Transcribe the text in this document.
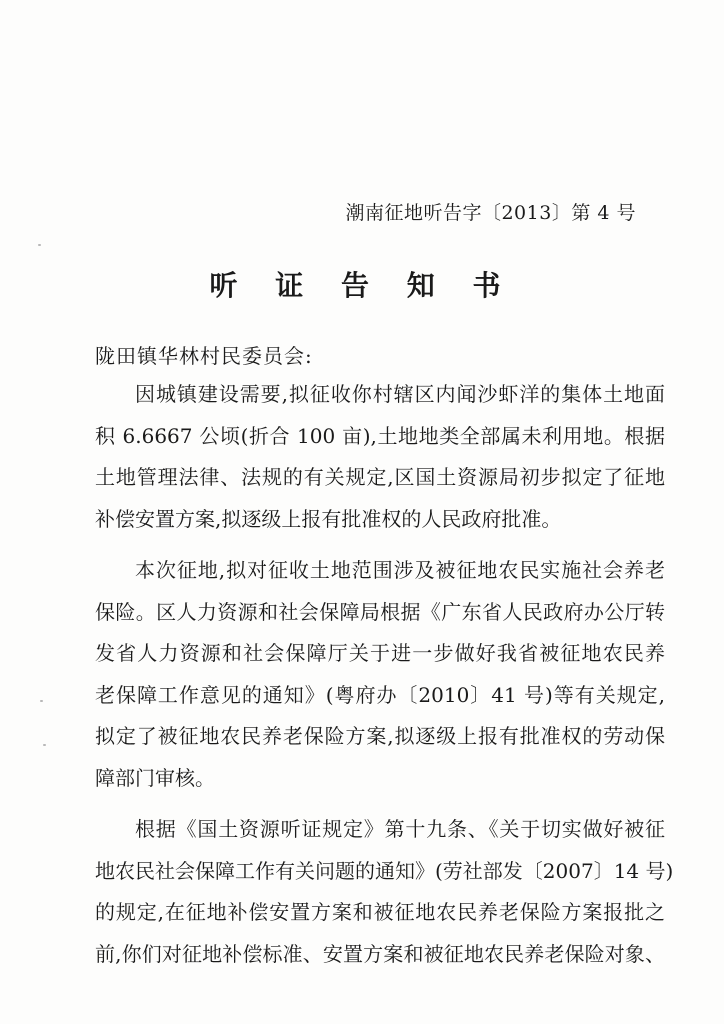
潮南征地听告字〔2013〕第 4 号
听 证 告 知 书
陇田镇华林村民委员会:
因城镇建设需要,拟征收你村辖区内闻沙虾洋的集体土地面
积 6.6667 公顷(折合 100 亩),土地地类全部属未利用地。根据
土地管理法律、法规的有关规定,区国土资源局初步拟定了征地
补偿安置方案,拟逐级上报有批准权的人民政府批准。
本次征地,拟对征收土地范围涉及被征地农民实施社会养老
保险。区人力资源和社会保障局根据《广东省人民政府办公厅转
发省人力资源和社会保障厅关于进一步做好我省被征地农民养
老保障工作意见的通知》(粤府办〔2010〕41 号)等有关规定,
拟定了被征地农民养老保险方案,拟逐级上报有批准权的劳动保
障部门审核。
根据《国土资源听证规定》第十九条、《关于切实做好被征
地农民社会保障工作有关问题的通知》(劳社部发〔2007〕14 号)
的规定,在征地补偿安置方案和被征地农民养老保险方案报批之
前,你们对征地补偿标准、安置方案和被征地农民养老保险对象、
